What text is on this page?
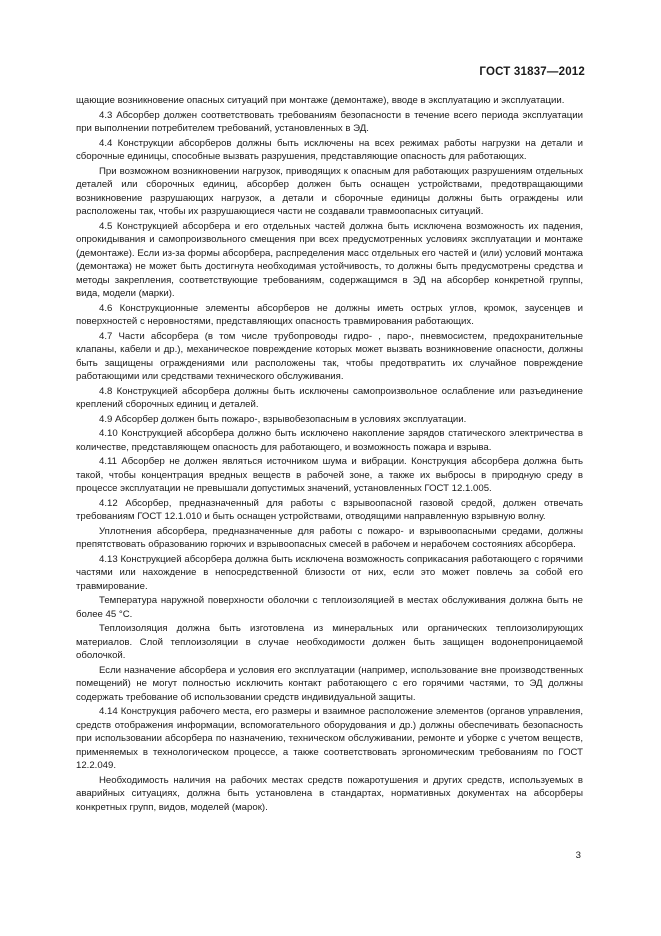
ГОСТ 31837—2012

щающие возникновение опасных ситуаций при монтаже (демонтаже), вводе в эксплуатацию и эксплуатации.

4.3 Абсорбер должен соответствовать требованиям безопасности в течение всего периода эксплуатации при выполнении потребителем требований, установленных в ЭД.

4.4 Конструкции абсорберов должны быть исключены на всех режимах работы нагрузки на детали и сборочные единицы, способные вызвать разрушения, представляющие опасность для работающих.

При возможном возникновении нагрузок, приводящих к опасным для работающих разрушениям отдельных деталей или сборочных единиц, абсорбер должен быть оснащен устройствами, предотвращающими возникновение разрушающих нагрузок, а детали и сборочные единицы должны быть ограждены или расположены так, чтобы их разрушающиеся части не создавали травмоопасных ситуаций.

4.5 Конструкцией абсорбера и его отдельных частей должна быть исключена возможность их падения, опрокидывания и самопроизвольного смещения при всех предусмотренных условиях эксплуатации и монтаже (демонтаже). Если из-за формы абсорбера, распределения масс отдельных его частей и (или) условий монтажа (демонтажа) не может быть достигнута необходимая устойчивость, то должны быть предусмотрены средства и методы закрепления, соответствующие требованиям, содержащимся в ЭД на абсорбер конкретной группы, вида, модели (марки).

4.6 Конструкционные элементы абсорберов не должны иметь острых углов, кромок, заусенцев и поверхностей с неровностями, представляющих опасность травмирования работающих.

4.7 Части абсорбера (в том числе трубопроводы гидро- , паро-, пневмосистем, предохранительные клапаны, кабели и др.), механическое повреждение которых может вызвать возникновение опасности, должны быть защищены ограждениями или расположены так, чтобы предотвратить их случайное повреждение работающими или средствами технического обслуживания.

4.8 Конструкцией абсорбера должны быть исключены самопроизвольное ослабление или разъединение креплений сборочных единиц и деталей.

4.9 Абсорбер должен быть пожаро-, взрывобезопасным в условиях эксплуатации.

4.10 Конструкцией абсорбера должно быть исключено накопление зарядов статического электричества в количестве, представляющем опасность для работающего, и возможность пожара и взрыва.

4.11 Абсорбер не должен являться источником шума и вибрации. Конструкция абсорбера должна быть такой, чтобы концентрация вредных веществ в рабочей зоне, а также их выбросы в природную среду в процессе эксплуатации не превышали допустимых значений, установленных ГОСТ 12.1.005.

4.12 Абсорбер, предназначенный для работы с взрывоопасной газовой средой, должен отвечать требованиям ГОСТ 12.1.010 и быть оснащен устройствами, отводящими направленную взрывную волну.

Уплотнения абсорбера, предназначенные для работы с пожаро- и взрывоопасными средами, должны препятствовать образованию горючих и взрывоопасных смесей в рабочем и нерабочем состояниях абсорбера.

4.13 Конструкцией абсорбера должна быть исключена возможность соприкасания работающего с горячими частями или нахождение в непосредственной близости от них, если это может повлечь за собой его травмирование.

Температура наружной поверхности оболочки с теплоизоляцией в местах обслуживания должна быть не более 45 °С.

Теплоизоляция должна быть изготовлена из минеральных или органических теплоизолирующих материалов. Слой теплоизоляции в случае необходимости должен быть защищен водонепроницаемой оболочкой.

Если назначение абсорбера и условия его эксплуатации (например, использование вне производственных помещений) не могут полностью исключить контакт работающего с его горячими частями, то ЭД должны содержать требование об использовании средств индивидуальной защиты.

4.14 Конструкция рабочего места, его размеры и взаимное расположение элементов (органов управления, средств отображения информации, вспомогательного оборудования и др.) должны обеспечивать безопасность при использовании абсорбера по назначению, техническом обслуживании, ремонте и уборке с учетом веществ, применяемых в технологическом процессе, а также соответствовать эргономическим требованиям по ГОСТ 12.2.049.

Необходимость наличия на рабочих местах средств пожаротушения и других средств, используемых в аварийных ситуациях, должна быть установлена в стандартах, нормативных документах на абсорберы конкретных групп, видов, моделей (марок).

3
